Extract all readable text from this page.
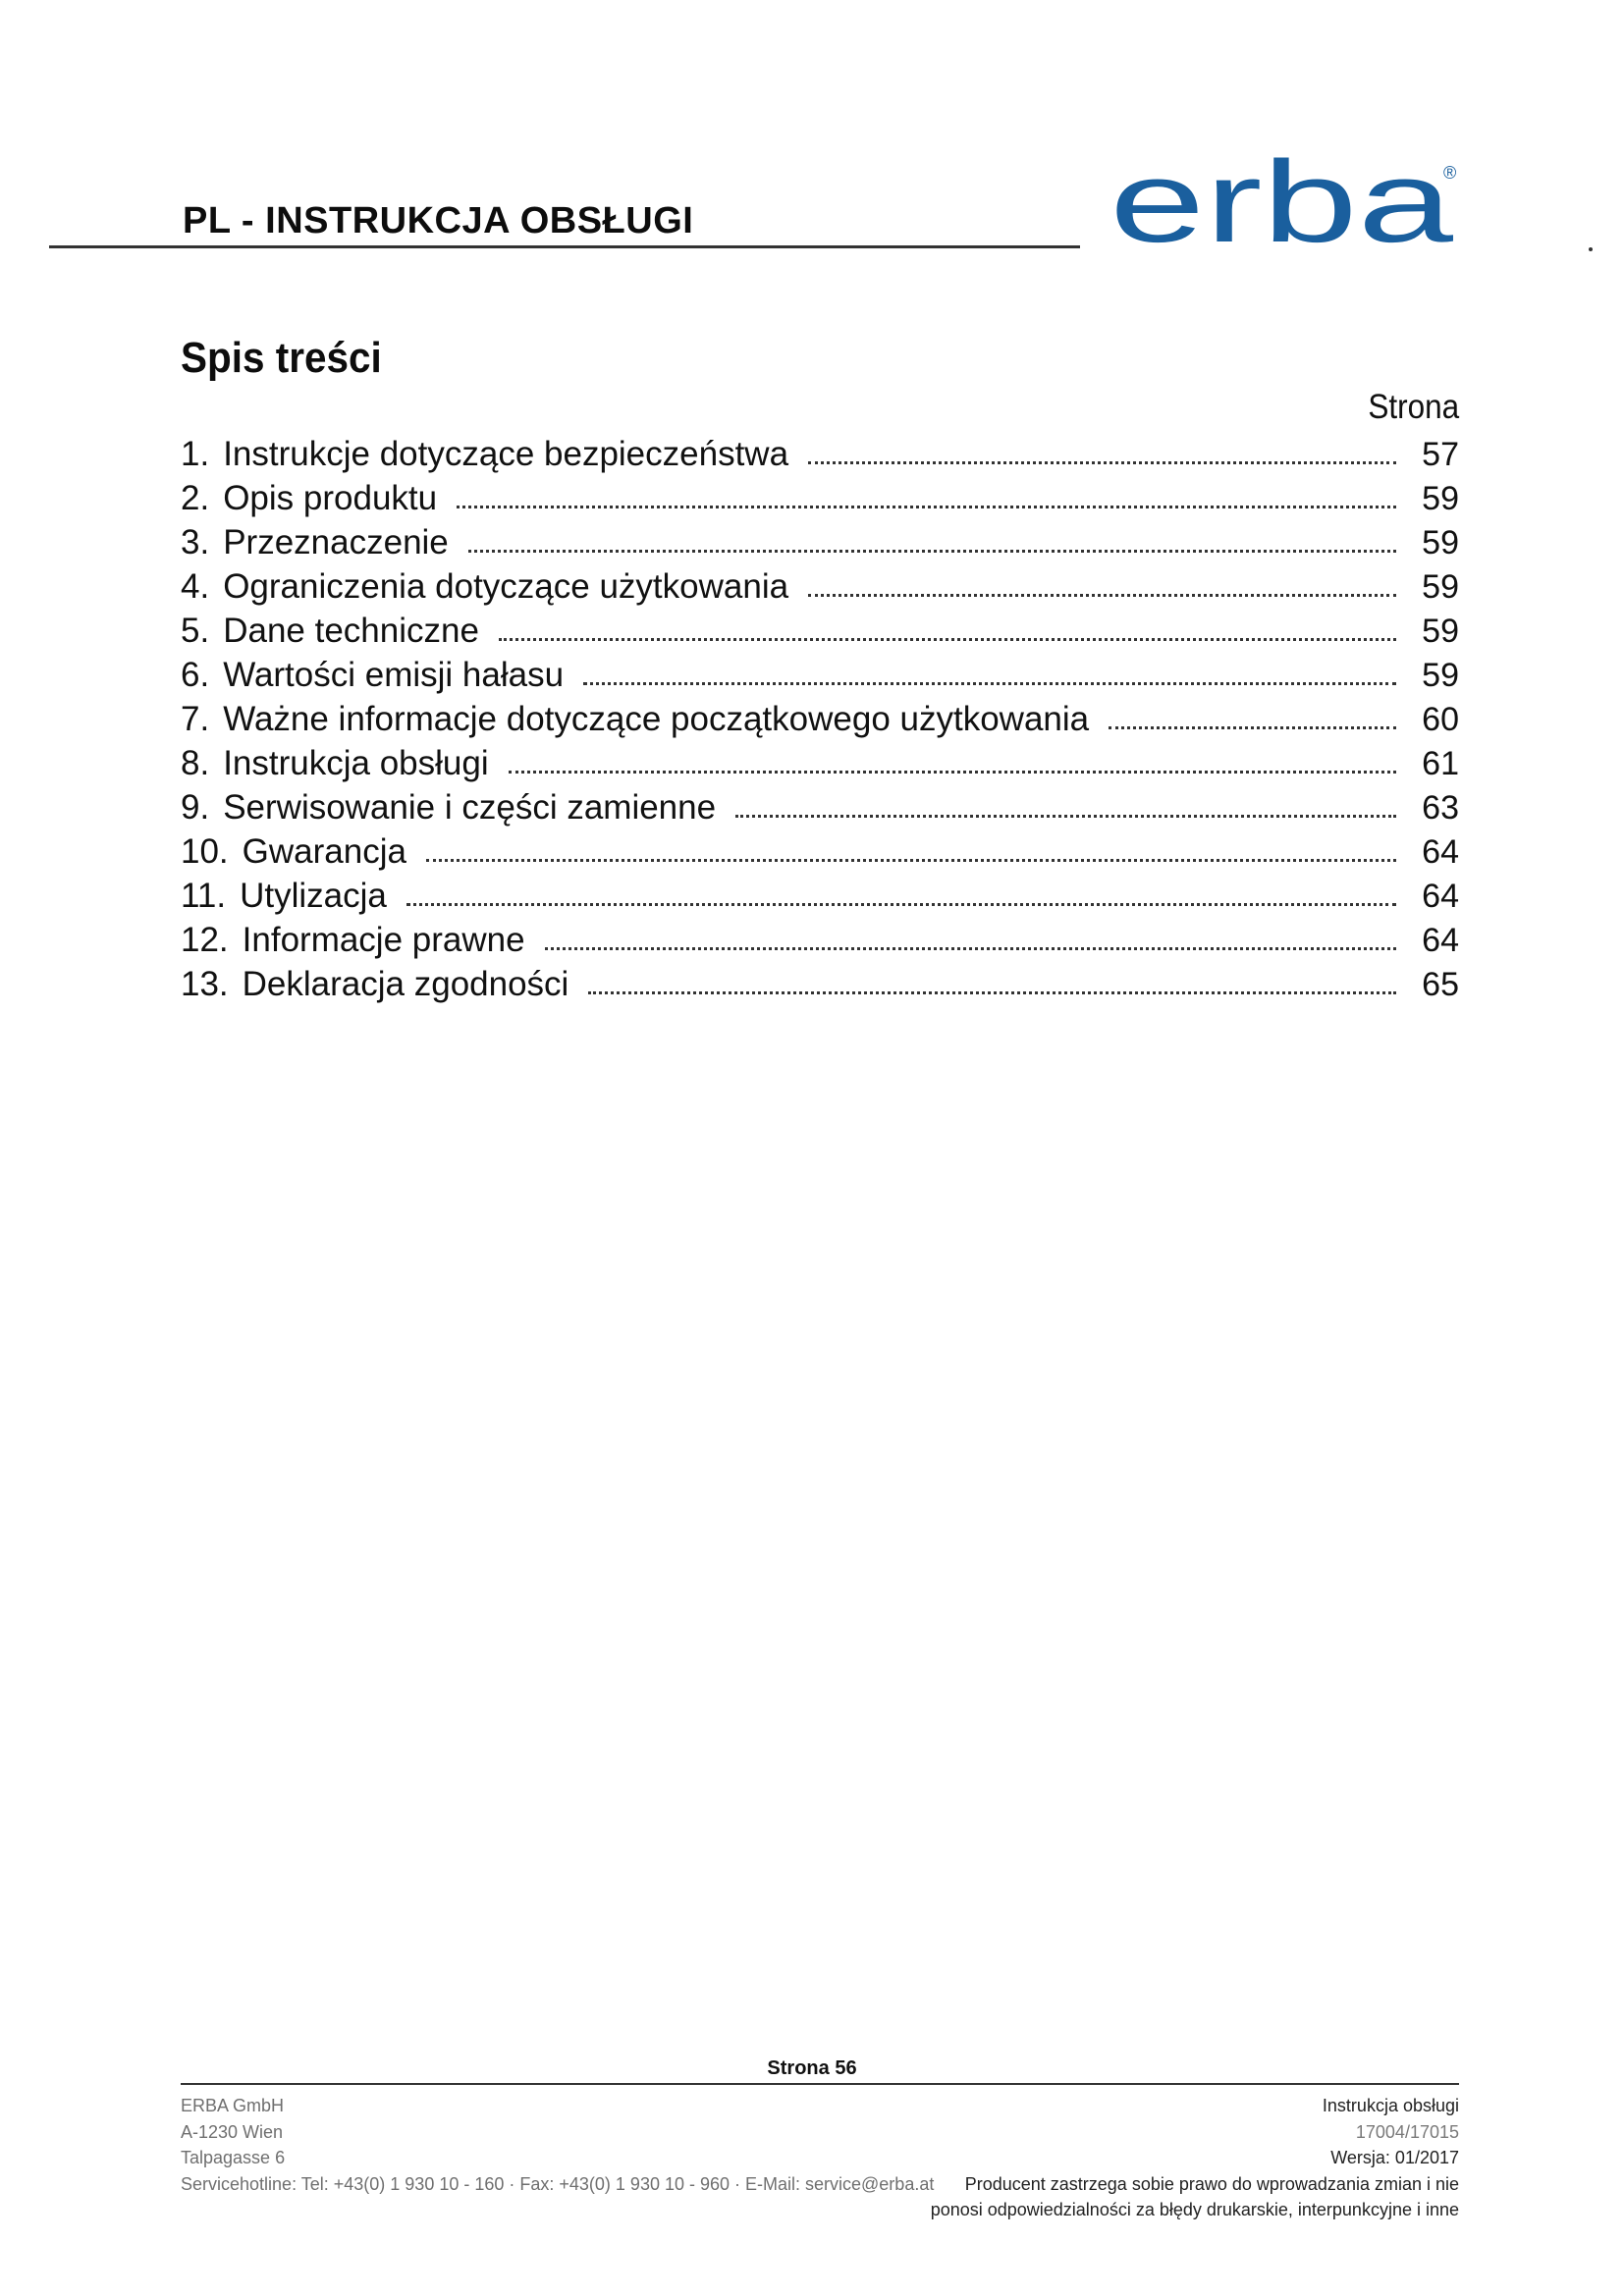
PL - INSTRUKCJA OBSŁUGI	erba
®
Spis treści
Strona
1. Instrukcje dotyczące bezpieczeństwa	57
2. Opis produktu	59
3. Przeznaczenie	59
4. Ograniczenia dotyczące użytkowania	59
5. Dane techniczne	59
6. Wartości emisji hałasu	59
7. Ważne informacje dotyczące początkowego użytkowania	60
8. Instrukcja obsługi	61
9. Serwisowanie i części zamienne	63
10. Gwarancja	64
11. Utylizacja	64
12. Informacje prawne	64
13. Deklaracja zgodności	65
Strona 56
ERBA GmbH
A-1230 Wien
Talpagasse 6
Servicehotline: Tel: +43(0) 1 930 10 - 160 · Fax: +43(0) 1 930 10 - 960 · E-Mail: service@erba.at
Instrukcja obsługi
17004/17015
Wersja: 01/2017
Producent zastrzega sobie prawo do wprowadzania zmian i nie
ponosi odpowiedzialności za błędy drukarskie, interpunkcyjne i inne
